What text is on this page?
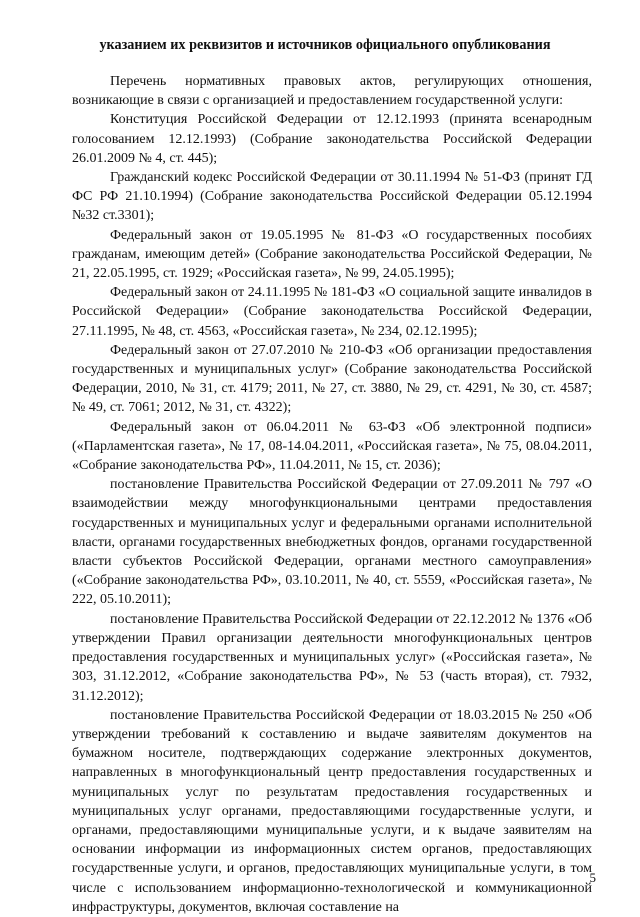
указанием их реквизитов и источников официального опубликования

Перечень нормативных правовых актов, регулирующих отношения, возникающие в связи с организацией и предоставлением государственной услуги:

Конституция Российской Федерации от 12.12.1993 (принята всенародным голосованием 12.12.1993) (Собрание законодательства Российской Федерации 26.01.2009 № 4, ст. 445);

Гражданский кодекс Российской Федерации от 30.11.1994 № 51-ФЗ (принят ГД ФС РФ 21.10.1994) (Собрание законодательства Российской Федерации 05.12.1994 №32 ст.3301);

Федеральный закон от 19.05.1995 № 81-ФЗ «О государственных пособиях гражданам, имеющим детей» (Собрание законодательства Российской Федерации, № 21, 22.05.1995, ст. 1929; «Российская газета», № 99, 24.05.1995);

Федеральный закон от 24.11.1995 № 181-ФЗ «О социальной защите инвалидов в Российской Федерации» (Собрание законодательства Российской Федерации, 27.11.1995, № 48, ст. 4563, «Российская газета», № 234, 02.12.1995);

Федеральный закон от 27.07.2010 № 210-ФЗ «Об организации предоставления государственных и муниципальных услуг» (Собрание законодательства Российской Федерации, 2010, № 31, ст. 4179; 2011, № 27, ст. 3880, № 29, ст. 4291, № 30, ст. 4587; № 49, ст. 7061; 2012, № 31, ст. 4322);

Федеральный закон от 06.04.2011 № 63-ФЗ «Об электронной подписи» («Парламентская газета», № 17, 08-14.04.2011, «Российская газета», № 75, 08.04.2011, «Собрание законодательства РФ», 11.04.2011, № 15, ст. 2036);

постановление Правительства Российской Федерации от 27.09.2011 № 797 «О взаимодействии между многофункциональными центрами предоставления государственных и муниципальных услуг и федеральными органами исполнительной власти, органами государственных внебюджетных фондов, органами государственной власти субъектов Российской Федерации, органами местного самоуправления» («Собрание законодательства РФ», 03.10.2011, № 40, ст. 5559, «Российская газета», № 222, 05.10.2011);

постановление Правительства Российской Федерации от 22.12.2012 № 1376 «Об утверждении Правил организации деятельности многофункциональных центров предоставления государственных и муниципальных услуг» («Российская газета», № 303, 31.12.2012, «Собрание законодательства РФ», № 53 (часть вторая), ст. 7932, 31.12.2012);

постановление Правительства Российской Федерации от 18.03.2015 № 250 «Об утверждении требований к составлению и выдаче заявителям документов на бумажном носителе, подтверждающих содержание электронных документов, направленных в многофункциональный центр предоставления государственных и муниципальных услуг по результатам предоставления государственных и муниципальных услуг органами, предоставляющими государственные услуги, и органами, предоставляющими муниципальные услуги, и к выдаче заявителям на основании информации из информационных систем органов, предоставляющих государственные услуги, и органов, предоставляющих муниципальные услуги, в том числе с использованием информационно-технологической и коммуникационной инфраструктуры, документов, включая составление на

5
